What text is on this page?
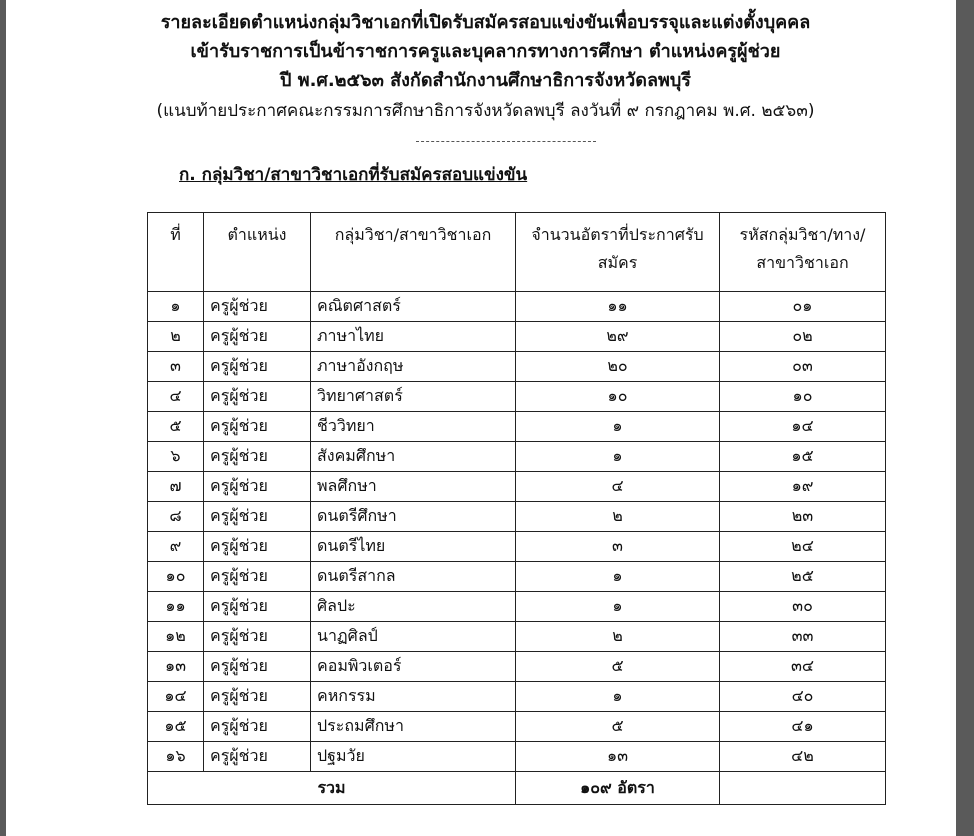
รายละเอียดตำแหน่งกลุ่มวิชาเอกที่เปิดรับสมัครสอบแข่งขันเพื่อบรรจุและแต่งตั้งบุคคล
เข้ารับราชการเป็นข้าราชการครูและบุคลากรทางการศึกษา ตำแหน่งครูผู้ช่วย
ปี พ.ศ.๒๕๖๓ สังกัดสำนักงานศึกษาธิการจังหวัดลพบุรี
(แนบท้ายประกาศคณะกรรมการศึกษาธิการจังหวัดลพบุรี ลงวันที่ ๙ กรกฎาคม พ.ศ. ๒๕๖๓)
ก. กลุ่มวิชา/สาขาวิชาเอกที่รับสมัครสอบแข่งขัน
ที่	ตำแหน่ง	กลุ่มวิชา/สาขาวิชาเอก	จำนวนอัตราที่ประกาศรับสมัคร	รหัสกลุ่มวิชา/ทาง/สาขาวิชาเอก

๑	ครูผู้ช่วย	คณิตศาสตร์	๑๑	๐๑
๒	ครูผู้ช่วย	ภาษาไทย	๒๙	๐๒
๓	ครูผู้ช่วย	ภาษาอังกฤษ	๒๐	๐๓
๔	ครูผู้ช่วย	วิทยาศาสตร์	๑๐	๑๐
๕	ครูผู้ช่วย	ชีววิทยา	๑	๑๔
๖	ครูผู้ช่วย	สังคมศึกษา	๑	๑๕
๗	ครูผู้ช่วย	พลศึกษา	๔	๑๙
๘	ครูผู้ช่วย	ดนตรีศึกษา	๒	๒๓
๙	ครูผู้ช่วย	ดนตรีไทย	๓	๒๔
๑๐	ครูผู้ช่วย	ดนตรีสากล	๑	๒๕
๑๑	ครูผู้ช่วย	ศิลปะ	๑	๓๐
๑๒	ครูผู้ช่วย	นาฏศิลป์	๒	๓๓
๑๓	ครูผู้ช่วย	คอมพิวเตอร์	๕	๓๔
๑๔	ครูผู้ช่วย	คหกรรม	๑	๔๐
๑๕	ครูผู้ช่วย	ประถมศึกษา	๕	๔๑
๑๖	ครูผู้ช่วย	ปฐมวัย	๑๓	๔๒
รวม			๑๐๙ อัตรา	
